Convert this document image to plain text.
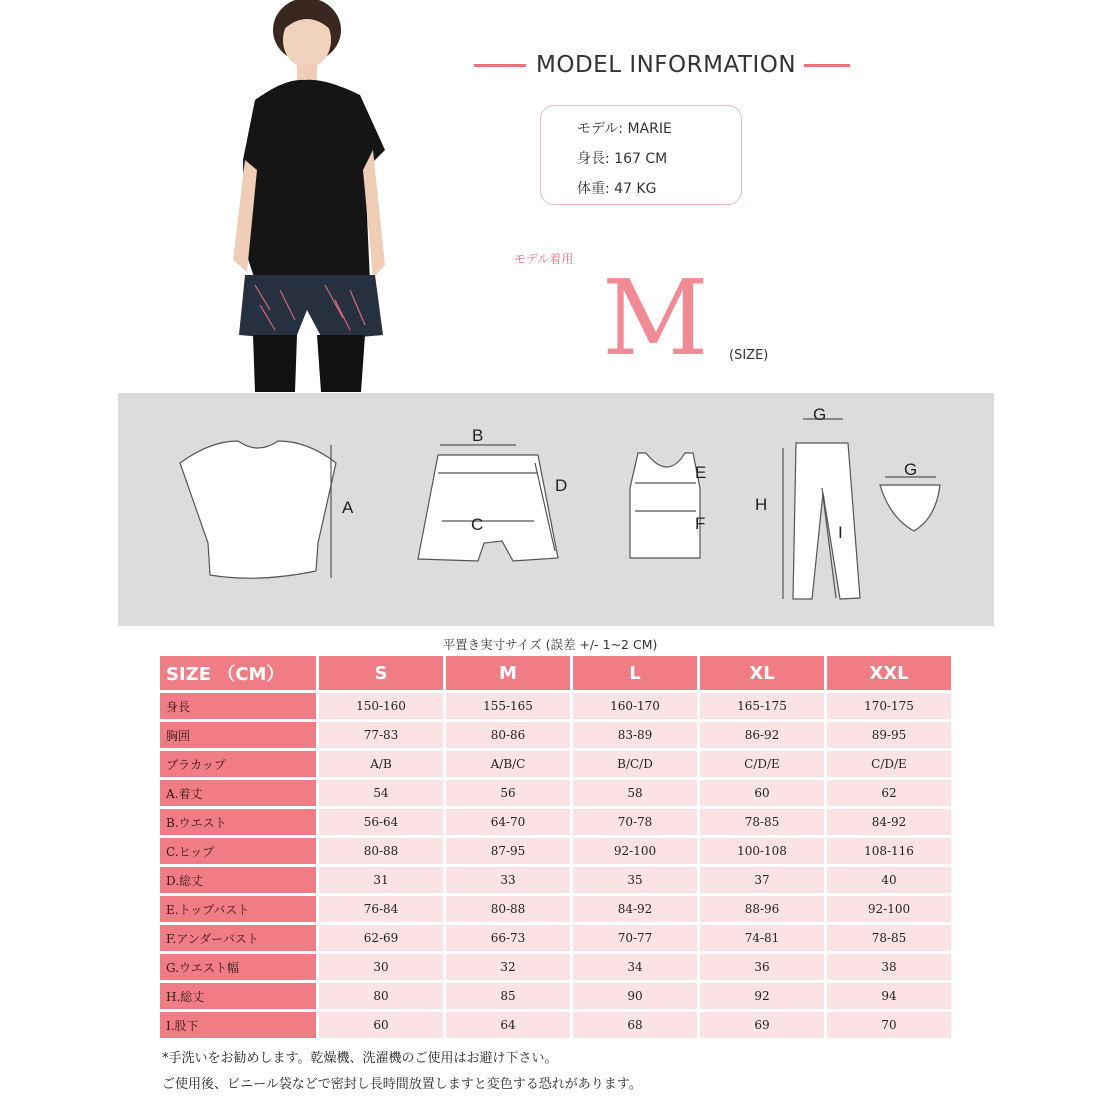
MODEL INFORMATION
モデル: MARIE
身長: 167 CM
体重: 47 KG
モデル着用 M (SIZE)
A
B
C
D
E
F
G
H
I
G
平置き実寸サイズ (誤差 +/- 1~2 CM)
SIZE （CM）	S	M	L	XL	XXL
身長	150-160	155-165	160-170	165-175	170-175
胸囲	77-83	80-86	83-89	86-92	89-95
ブラカップ	A/B	A/B/C	B/C/D	C/D/E	C/D/E
A.着丈	54	56	58	60	62
B.ウエスト	56-64	64-70	70-78	78-85	84-92
C.ヒップ	80-88	87-95	92-100	100-108	108-116
D.総丈	31	33	35	37	40
E.トップバスト	76-84	80-88	84-92	88-96	92-100
F.アンダーバスト	62-69	66-73	70-77	74-81	78-85
G.ウエスト幅	30	32	34	36	38
H.総丈	80	85	90	92	94
I.股下	60	64	68	69	70
*手洗いをお勧めします。乾燥機、洗濯機のご使用はお避け下さい。
ご使用後、ビニール袋などで密封し長時間放置しますと変色する恐れがあります。
